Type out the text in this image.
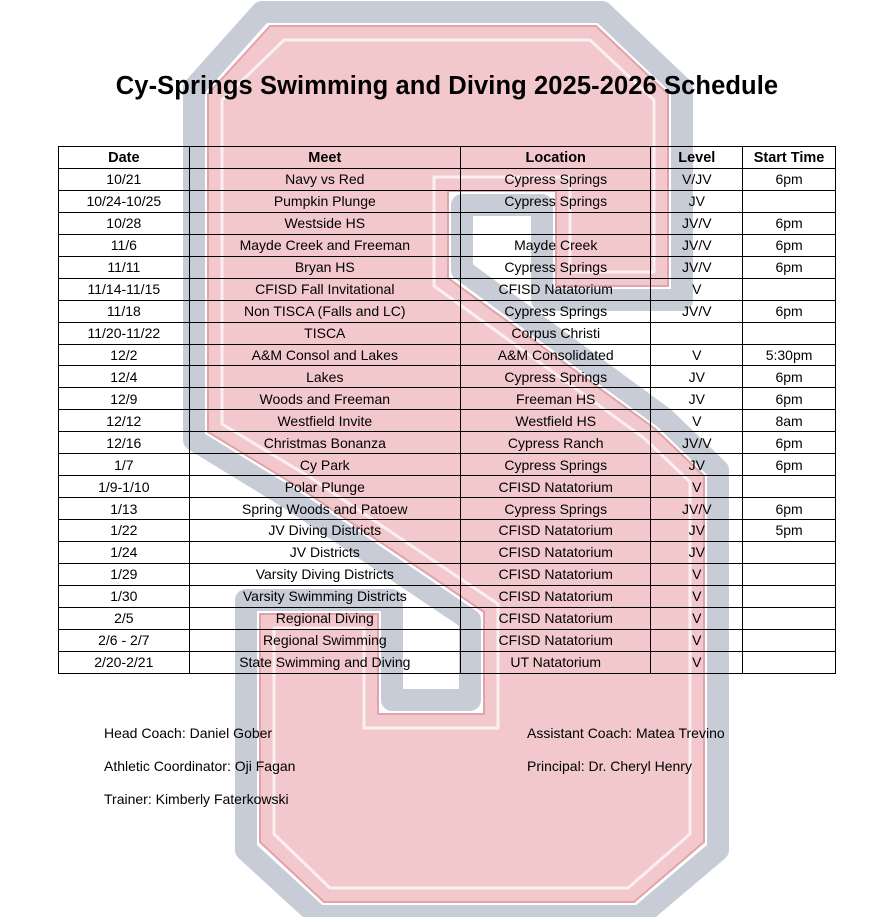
Cy-Springs Swimming and Diving 2025-2026 Schedule
Date	Meet	Location	Level	Start Time
10/21	Navy vs Red	Cypress Springs	V/JV	6pm
10/24-10/25	Pumpkin Plunge	Cypress Springs	JV	
10/28	Westside HS		JV/V	6pm
11/6	Mayde Creek and Freeman	Mayde Creek	JV/V	6pm
11/11	Bryan HS	Cypress Springs	JV/V	6pm
11/14-11/15	CFISD Fall Invitational	CFISD Natatorium	V	
11/18	Non TISCA (Falls and LC)	Cypress Springs	JV/V	6pm
11/20-11/22	TISCA	Corpus Christi		
12/2	A&M Consol and Lakes	A&M Consolidated	V	5:30pm
12/4	Lakes	Cypress Springs	JV	6pm
12/9	Woods and Freeman	Freeman HS	JV	6pm
12/12	Westfield Invite	Westfield HS	V	8am
12/16	Christmas Bonanza	Cypress Ranch	JV/V	6pm
1/7	Cy Park	Cypress Springs	JV	6pm
1/9-1/10	Polar Plunge	CFISD Natatorium	V	
1/13	Spring Woods and Patoew	Cypress Springs	JV/V	6pm
1/22	JV Diving Districts	CFISD Natatorium	JV	5pm
1/24	JV Districts	CFISD Natatorium	JV	
1/29	Varsity Diving Districts	CFISD Natatorium	V	
1/30	Varsity Swimming Districts	CFISD Natatorium	V	
2/5	Regional Diving	CFISD Natatorium	V	
2/6 - 2/7	Regional Swimming	CFISD Natatorium	V	
2/20-2/21	State Swimming and Diving	UT Natatorium	V	
Head Coach: Daniel Gober	Assistant Coach: Matea Trevino
Athletic Coordinator: Oji Fagan	Principal: Dr. Cheryl Henry
Trainer: Kimberly Faterkowski
